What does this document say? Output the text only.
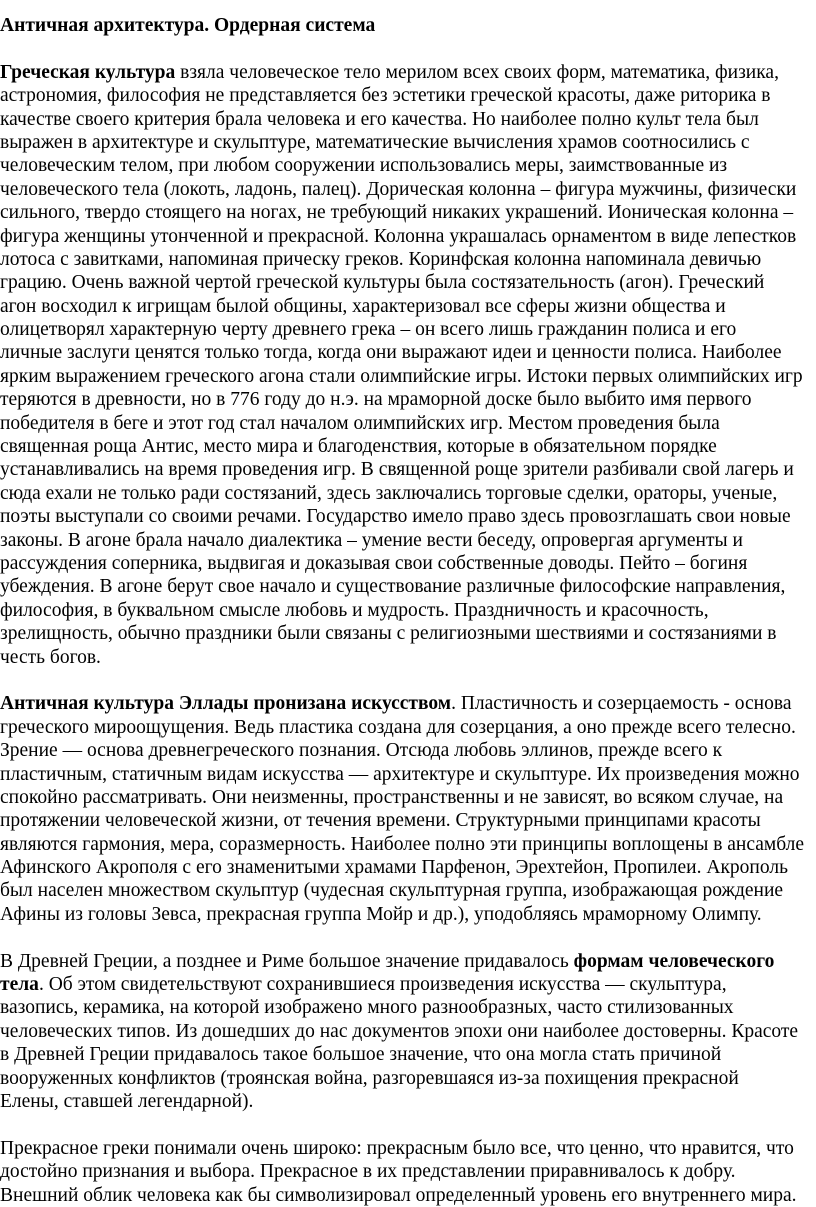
Античная архитектура. Ордерная система

Греческая культура взяла человеческое тело мерилом всех своих форм, математика, физика,
астрономия, философия не представляется без эстетики греческой красоты, даже риторика в
качестве своего критерия брала человека и его качества. Но наиболее полно культ тела был
выражен в архитектуре и скульптуре, математические вычисления храмов соотносились с
человеческим телом, при любом сооружении использовались меры, заимствованные из
человеческого тела (локоть, ладонь, палец). Дорическая колонна – фигура мужчины, физически
сильного, твердо стоящего на ногах, не требующий никаких украшений. Ионическая колонна –
фигура женщины утонченной и прекрасной. Колонна украшалась орнаментом в виде лепестков
лотоса с завитками, напоминая прическу греков. Коринфская колонна напоминала девичью
грацию. Очень важной чертой греческой культуры была состязательность (агон). Греческий
агон восходил к игрищам былой общины, характеризовал все сферы жизни общества и
олицетворял характерную черту древнего грека – он всего лишь гражданин полиса и его
личные заслуги ценятся только тогда, когда они выражают идеи и ценности полиса. Наиболее
ярким выражением греческого агона стали олимпийские игры. Истоки первых олимпийских игр
теряются в древности, но в 776 году до н.э. на мраморной доске было выбито имя первого
победителя в беге и этот год стал началом олимпийских игр. Местом проведения была
священная роща Антис, место мира и благоденствия, которые в обязательном порядке
устанавливались на время проведения игр. В священной роще зрители разбивали свой лагерь и
сюда ехали не только ради состязаний, здесь заключались торговые сделки, ораторы, ученые,
поэты выступали со своими речами. Государство имело право здесь провозглашать свои новые
законы. В агоне брала начало диалектика – умение вести беседу, опровергая аргументы и
рассуждения соперника, выдвигая и доказывая свои собственные доводы. Пейто – богиня
убеждения. В агоне берут свое начало и существование различные философские направления,
философия, в буквальном смысле любовь и мудрость. Праздничность и красочность,
зрелищность, обычно праздники были связаны с религиозными шествиями и состязаниями в
честь богов.
Античная культура Эллады пронизана искусством. Пластичность и созерцаемость - основа
греческого мироощущения. Ведь пластика создана для созерцания, а оно прежде всего телесно.
Зрение — основа древнегреческого познания. Отсюда любовь эллинов, прежде всего к
пластичным, статичным видам искусства — архитектуре и скульптуре. Их произведения можно
спокойно рассматривать. Они неизменны, пространственны и не зависят, во всяком случае, на
протяжении человеческой жизни, от течения времени. Структурными принципами красоты
являются гармония, мера, соразмерность. Наиболее полно эти принципы воплощены в ансамбле
Афинского Акрополя с его знаменитыми храмами Парфенон, Эрехтейон, Пропилеи. Акрополь
был населен множеством скульптур (чудесная скульптурная группа, изображающая рождение
Афины из головы Зевса, прекрасная группа Мойр и др.), уподобляясь мраморному Олимпу.
В Древней Греции, а позднее и Риме большое значение придавалось формам человеческого
тела. Об этом свидетельствуют сохранившиеся произведения искусства — скульптура,
вазопись, керамика, на которой изображено много разнообразных, часто стилизованных
человеческих типов. Из дошедших до нас документов эпохи они наиболее достоверны. Красоте
в Древней Греции придавалось такое большое значение, что она могла стать причиной
вооруженных конфликтов (троянская война, разгоревшаяся из-за похищения прекрасной
Елены, ставшей легендарной).
Прекрасное греки понимали очень широко: прекрасным было все, что ценно, что нравится, что
достойно признания и выбора. Прекрасное в их представлении приравнивалось к добру.
Внешний облик человека как бы символизировал определенный уровень его внутреннего мира.
